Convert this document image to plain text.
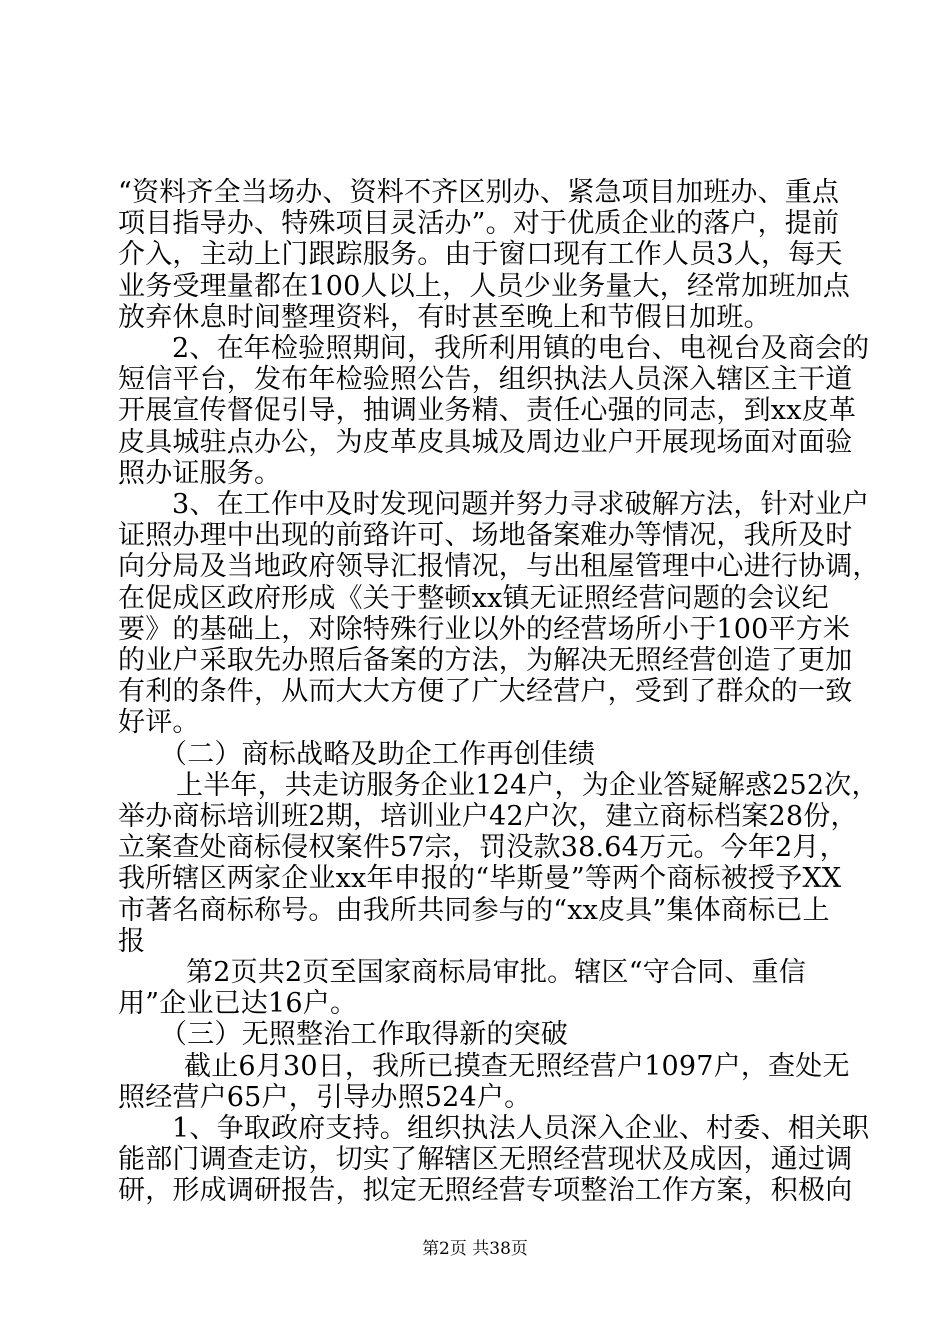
“资料齐全当场办、资料不齐区别办、紧急项目加班办、重点
项目指导办、特殊项目灵活办”。对于优质企业的落户，提前
介入，主动上门跟踪服务。由于窗口现有工作人员3人，每天
业务受理量都在100人以上，人员少业务量大，经常加班加点
放弃休息时间整理资料，有时甚至晚上和节假日加班。
2、在年检验照期间，我所利用镇的电台、电视台及商会的
短信平台，发布年检验照公告，组织执法人员深入辖区主干道
开展宣传督促引导，抽调业务精、责任心强的同志，到xx皮革
皮具城驻点办公，为皮革皮具城及周边业户开展现场面对面验
照办证服务。
3、在工作中及时发现问题并努力寻求破解方法，针对业户
证照办理中出现的前臵许可、场地备案难办等情况，我所及时
向分局及当地政府领导汇报情况，与出租屋管理中心进行协调，
在促成区政府形成《关于整顿xx镇无证照经营问题的会议纪
要》的基础上，对除特殊行业以外的经营场所小于100平方米
的业户采取先办照后备案的方法，为解决无照经营创造了更加
有利的条件，从而大大方便了广大经营户，受到了群众的一致
好评。
（二）商标战略及助企工作再创佳绩
上半年，共走访服务企业124户，为企业答疑解惑252次，
举办商标培训班2期，培训业户42户次，建立商标档案28份，
立案查处商标侵权案件57宗，罚没款38.64万元。今年2月，
我所辖区两家企业xx年申报的“毕斯曼”等两个商标被授予XX
市著名商标称号。由我所共同参与的“xx皮具”集体商标已上
报
第2页共2页至国家商标局审批。辖区“守合同、重信
用”企业已达16户。
（三）无照整治工作取得新的突破
截止6月30日，我所已摸查无照经营户1097户，查处无
照经营户65户，引导办照524户。
1、争取政府支持。组织执法人员深入企业、村委、相关职
能部门调查走访，切实了解辖区无照经营现状及成因，通过调
研，形成调研报告，拟定无照经营专项整治工作方案，积极向
第2页 共38页
